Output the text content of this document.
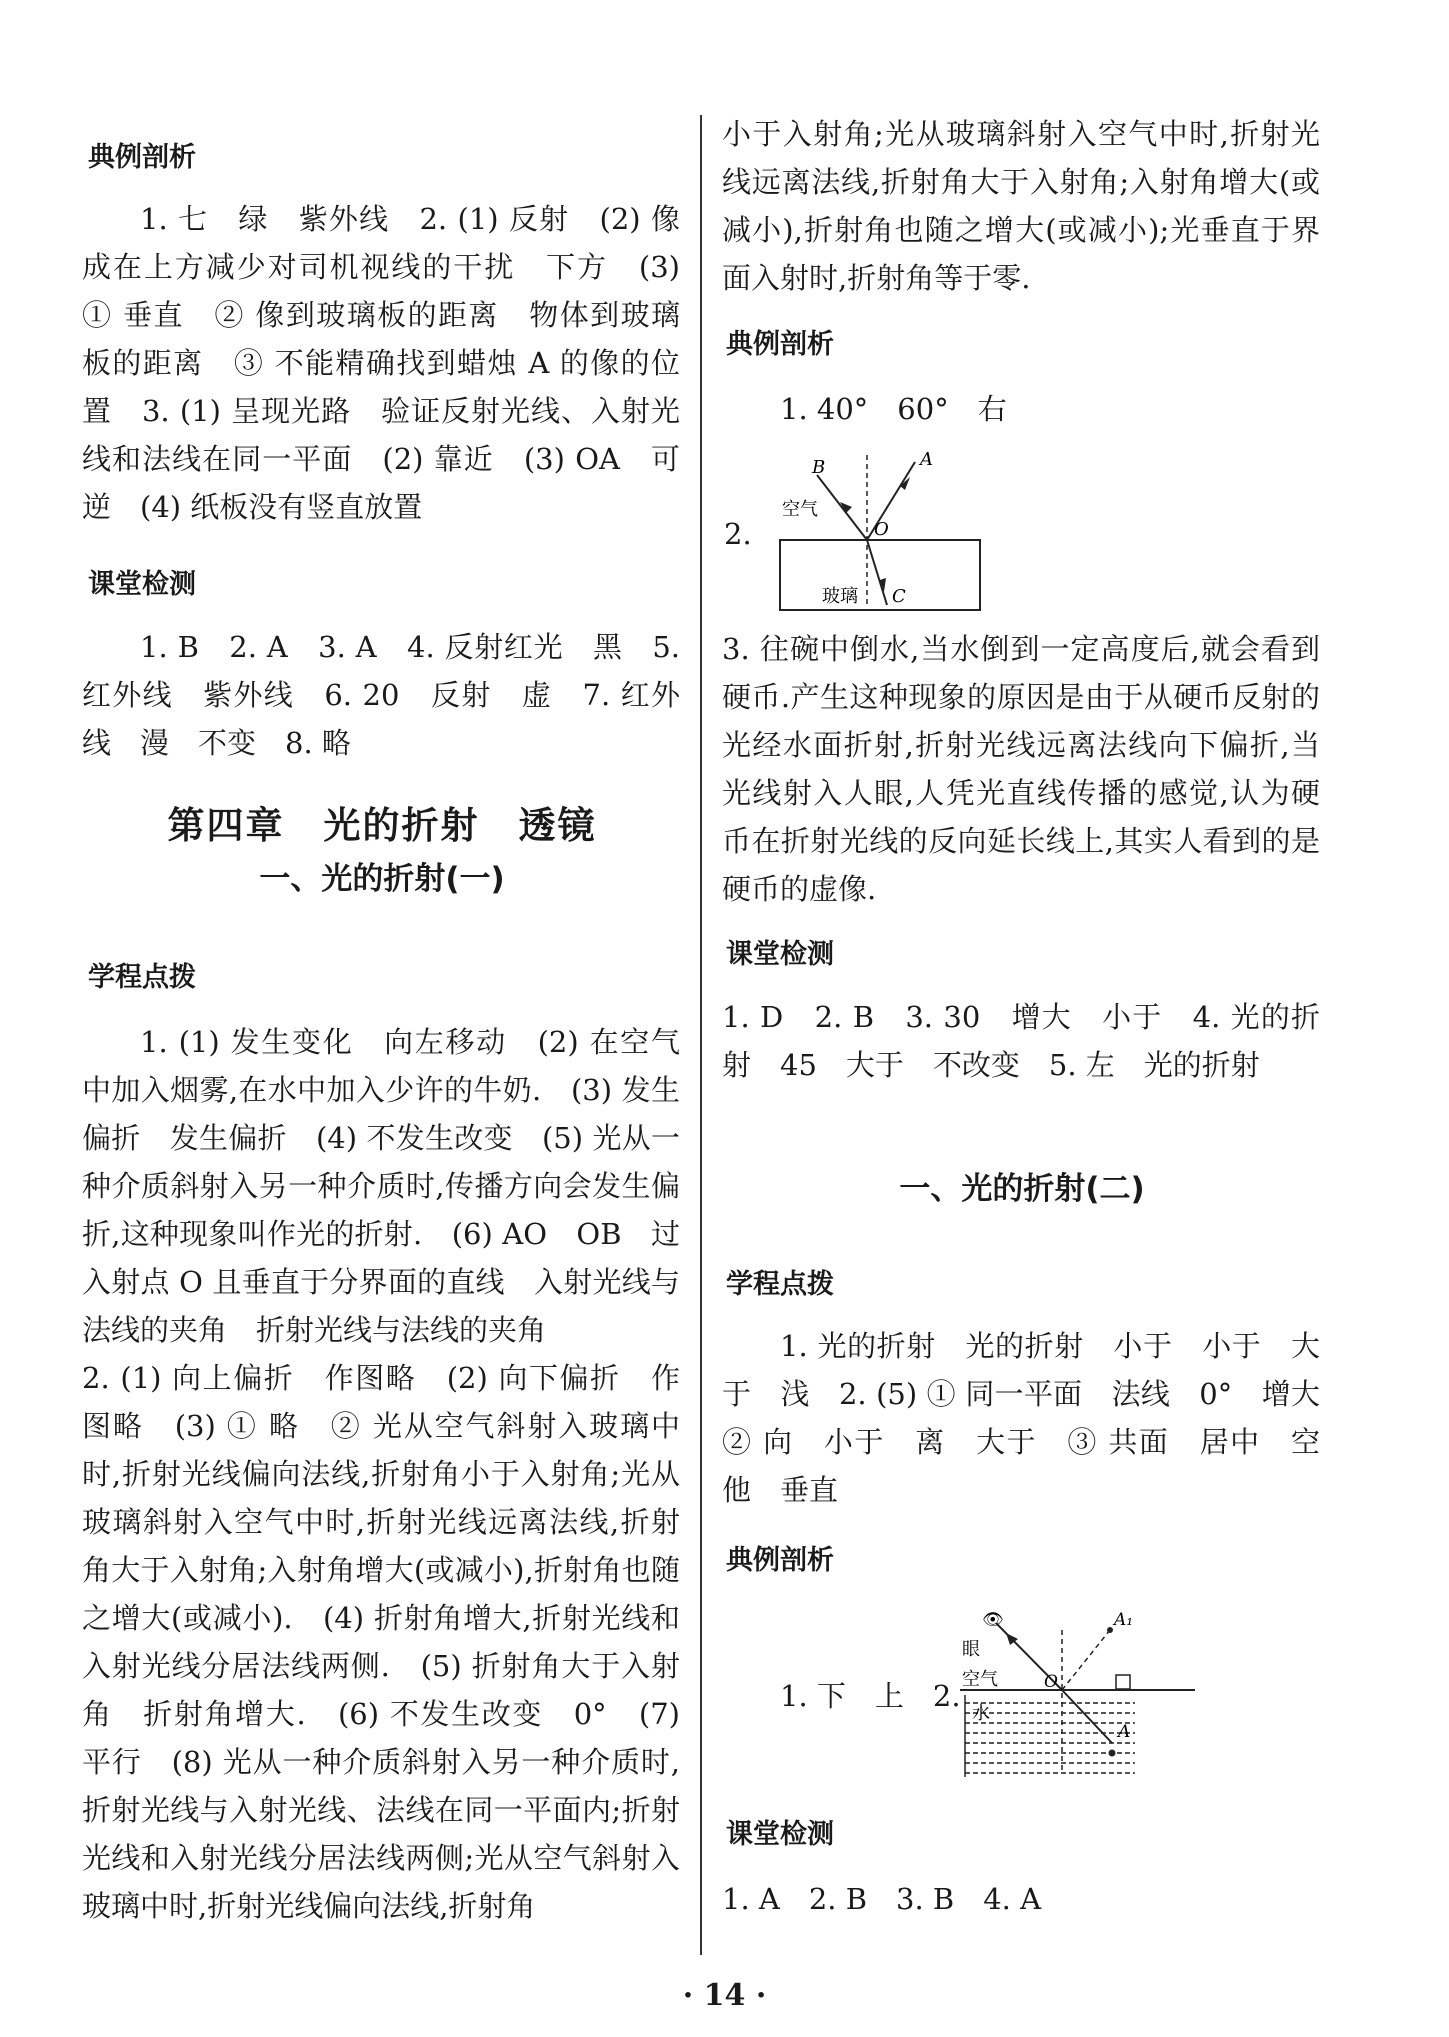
典例剖析
1. 七　绿　紫外线　2. (1) 反射　(2) 像成在上方减少对司机视线的干扰　下方　(3) ① 垂直　② 像到玻璃板的距离　物体到玻璃板的距离　③ 不能精确找到蜡烛 A 的像的位置　3. (1) 呈现光路　验证反射光线、入射光线和法线在同一平面　(2) 靠近　(3) OA　可逆　(4) 纸板没有竖直放置
课堂检测
1. B　2. A　3. A　4. 反射红光　黑　5. 红外线　紫外线　6. 20　反射　虚　7. 红外线　漫　不变　8. 略
第四章　光的折射　透镜
一、光的折射(一)
学程点拨
1. (1) 发生变化　向左移动　(2) 在空气中加入烟雾,在水中加入少许的牛奶.　(3) 发生偏折　发生偏折　(4) 不发生改变　(5) 光从一种介质斜射入另一种介质时,传播方向会发生偏折,这种现象叫作光的折射.　(6) AO　OB　过入射点 O 且垂直于分界面的直线　入射光线与法线的夹角　折射光线与法线的夹角
2. (1) 向上偏折　作图略　(2) 向下偏折　作图略　(3) ① 略　② 光从空气斜射入玻璃中时,折射光线偏向法线,折射角小于入射角;光从玻璃斜射入空气中时,折射光线远离法线,折射角大于入射角;入射角增大(或减小),折射角也随之增大(或减小).　(4) 折射角增大,折射光线和入射光线分居法线两侧.　(5) 折射角大于入射角　折射角增大.　(6) 不发生改变　0°　(7) 平行　(8) 光从一种介质斜射入另一种介质时,折射光线与入射光线、法线在同一平面内;折射光线和入射光线分居法线两侧;光从空气斜射入玻璃中时,折射光线偏向法线,折射角
小于入射角;光从玻璃斜射入空气中时,折射光线远离法线,折射角大于入射角;入射角增大(或减小),折射角也随之增大(或减小);光垂直于界面入射时,折射角等于零.
典例剖析
1. 40°　60°　右
2.
B	A
O
C
空气
玻璃
3. 往碗中倒水,当水倒到一定高度后,就会看到硬币.产生这种现象的原因是由于从硬币反射的光经水面折射,折射光线远离法线向下偏折,当光线射入人眼,人凭光直线传播的感觉,认为硬币在折射光线的反向延长线上,其实人看到的是硬币的虚像.
课堂检测
1. D　2. B　3. 30　增大　小于　4. 光的折射　45　大于　不改变　5. 左　光的折射
一、光的折射(二)
学程点拨
1. 光的折射　光的折射　小于　小于　大于　浅　2. (5) ① 同一平面　法线　0°　增大　② 向　小于　离　大于　③ 共面　居中　空　他　垂直
典例剖析
1. 下　上　2.
👁
眼
空气
水
O
A₁
A
课堂检测
1. A　2. B　3. B　4. A
· 14 ·
